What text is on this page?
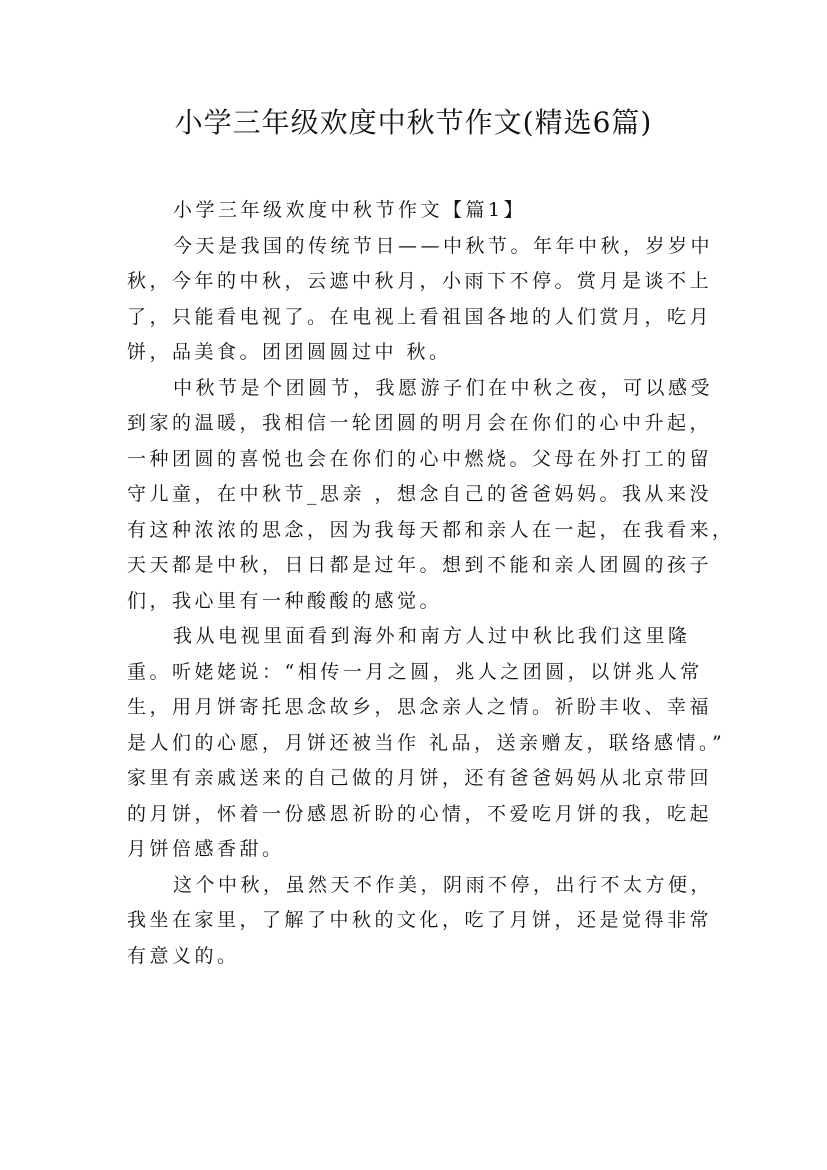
小学三年级欢度中秋节作文(精选6篇)
小学三年级欢度中秋节作文【篇1】
今天是我国的传统节日——中秋节。年年中秋，岁岁中
秋，今年的中秋，云遮中秋月，小雨下不停。赏月是谈不上
了，只能看电视了。在电视上看祖国各地的人们赏月，吃月
饼，品美食。团团圆圆过中 秋。
中秋节是个团圆节，我愿游子们在中秋之夜，可以感受
到家的温暖，我相信一轮团圆的明月会在你们的心中升起，
一种团圆的喜悦也会在你们的心中燃烧。父母在外打工的留
守儿童，在中秋节_思亲 ，想念自己的爸爸妈妈。我从来没
有这种浓浓的思念，因为我每天都和亲人在一起，在我看来，
天天都是中秋，日日都是过年。想到不能和亲人团圆的孩子
们，我心里有一种酸酸的感觉。
我从电视里面看到海外和南方人过中秋比我们这里隆
重。听姥姥说：“相传一月之圆，兆人之团圆，以饼兆人常
生，用月饼寄托思念故乡，思念亲人之情。祈盼丰收、幸福
是人们的心愿，月饼还被当作 礼品，送亲赠友，联络感情。”
家里有亲戚送来的自己做的月饼，还有爸爸妈妈从北京带回
的月饼，怀着一份感恩祈盼的心情，不爱吃月饼的我，吃起
月饼倍感香甜。
这个中秋，虽然天不作美，阴雨不停，出行不太方便，
我坐在家里，了解了中秋的文化，吃了月饼，还是觉得非常
有意义的。
